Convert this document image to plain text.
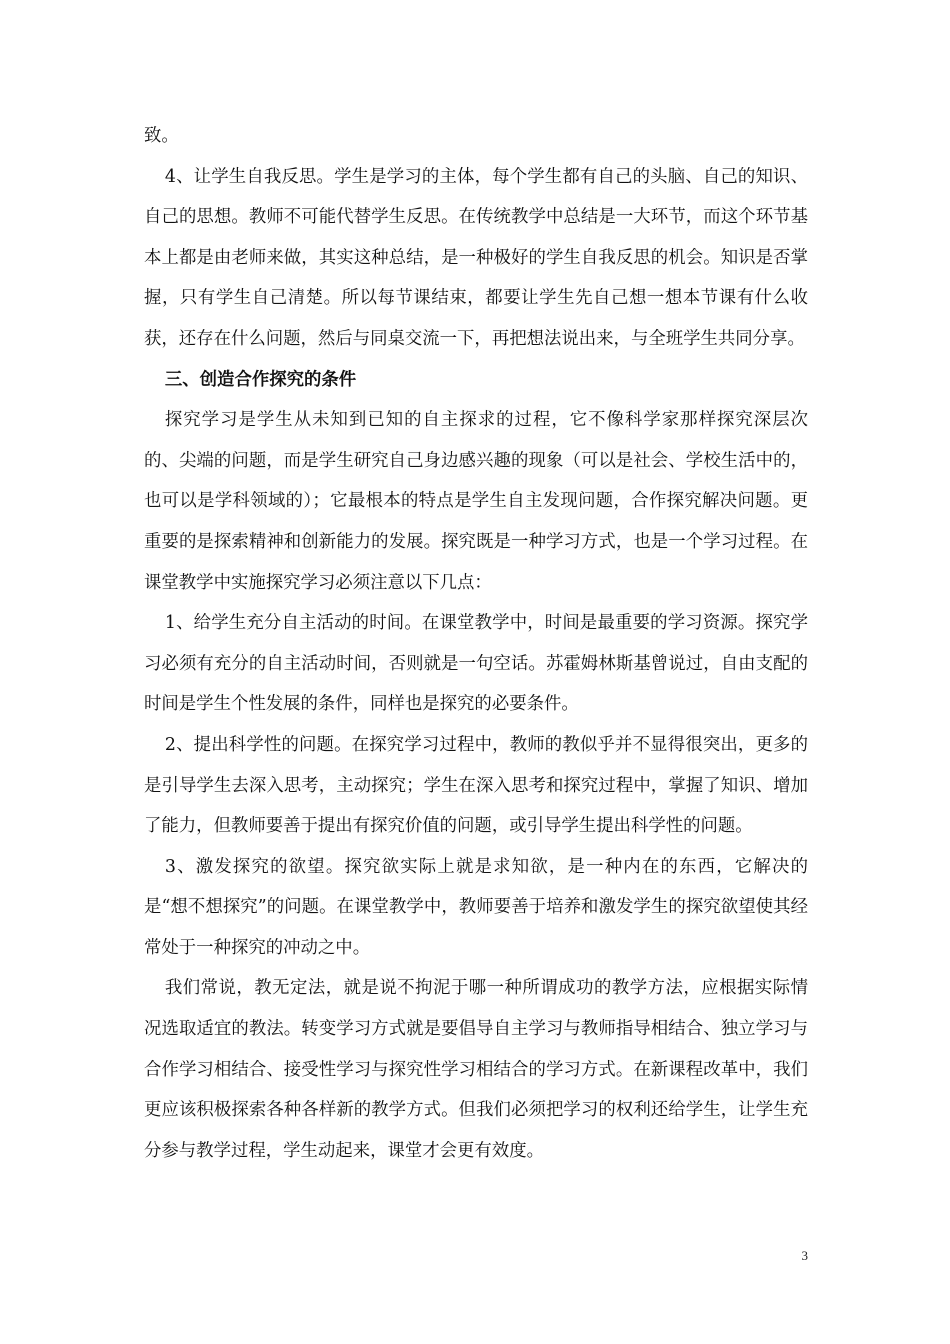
致。

4、让学生自我反思。学生是学习的主体，每个学生都有自己的头脑、自己的知识、自己的思想。教师不可能代替学生反思。在传统教学中总结是一大环节，而这个环节基本上都是由老师来做，其实这种总结，是一种极好的学生自我反思的机会。知识是否掌握，只有学生自己清楚。所以每节课结束，都要让学生先自己想一想本节课有什么收获，还存在什么问题，然后与同桌交流一下，再把想法说出来，与全班学生共同分享。

三、创造合作探究的条件

探究学习是学生从未知到已知的自主探求的过程，它不像科学家那样探究深层次的、尖端的问题，而是学生研究自己身边感兴趣的现象（可以是社会、学校生活中的，也可以是学科领域的）；它最根本的特点是学生自主发现问题，合作探究解决问题。更重要的是探索精神和创新能力的发展。探究既是一种学习方式，也是一个学习过程。在课堂教学中实施探究学习必须注意以下几点：

1、给学生充分自主活动的时间。在课堂教学中，时间是最重要的学习资源。探究学习必须有充分的自主活动时间，否则就是一句空话。苏霍姆林斯基曾说过，自由支配的时间是学生个性发展的条件，同样也是探究的必要条件。

2、提出科学性的问题。在探究学习过程中，教师的教似乎并不显得很突出，更多的是引导学生去深入思考，主动探究；学生在深入思考和探究过程中，掌握了知识、增加了能力，但教师要善于提出有探究价值的问题，或引导学生提出科学性的问题。

3、激发探究的欲望。探究欲实际上就是求知欲，是一种内在的东西，它解决的是“想不想探究”的问题。在课堂教学中，教师要善于培养和激发学生的探究欲望使其经常处于一种探究的冲动之中。

我们常说，教无定法，就是说不拘泥于哪一种所谓成功的教学方法，应根据实际情况选取适宜的教法。转变学习方式就是要倡导自主学习与教师指导相结合、独立学习与合作学习相结合、接受性学习与探究性学习相结合的学习方式。在新课程改革中，我们更应该积极探索各种各样新的教学方式。但我们必须把学习的权利还给学生，让学生充分参与教学过程，学生动起来，课堂才会更有效度。

3
